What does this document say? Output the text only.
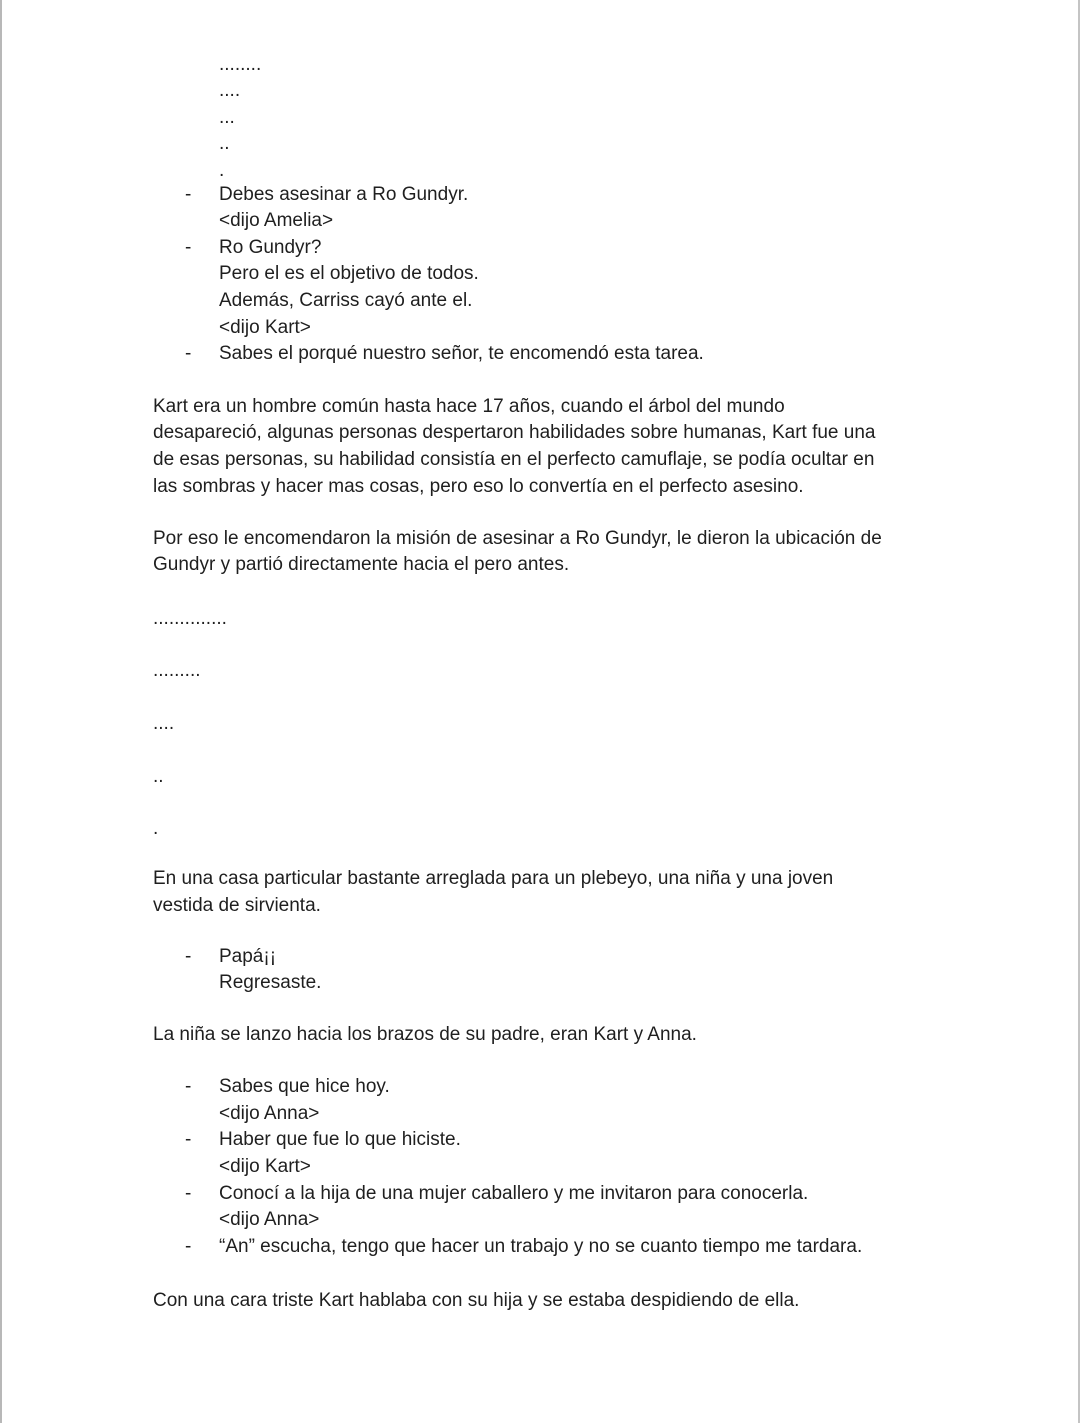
........
....
...
..
.
- Debes asesinar a Ro Gundyr.
<dijo Amelia>
- Ro Gundyr?
Pero el es el objetivo de todos.
Además, Carriss cayó ante el.
<dijo Kart>
- Sabes el porqué nuestro señor, te encomendó esta tarea.
Kart era un hombre común hasta hace 17 años, cuando el árbol del mundo
desapareció, algunas personas despertaron habilidades sobre humanas, Kart fue una
de esas personas, su habilidad consistía en el perfecto camuflaje, se podía ocultar en
las sombras y hacer mas cosas, pero eso lo convertía en el perfecto asesino.
Por eso le encomendaron la misión de asesinar a Ro Gundyr, le dieron la ubicación de
Gundyr y partió directamente hacia el pero antes.
..............
.........
....
..
.
En una casa particular bastante arreglada para un plebeyo, una niña y una joven
vestida de sirvienta.
- Papá¡¡
Regresaste.
La niña se lanzo hacia los brazos de su padre, eran Kart y Anna.
- Sabes que hice hoy.
<dijo Anna>
- Haber que fue lo que hiciste.
<dijo Kart>
- Conocí a la hija de una mujer caballero y me invitaron para conocerla.
<dijo Anna>
- “An” escucha, tengo que hacer un trabajo y no se cuanto tiempo me tardara.
Con una cara triste Kart hablaba con su hija y se estaba despidiendo de ella.
